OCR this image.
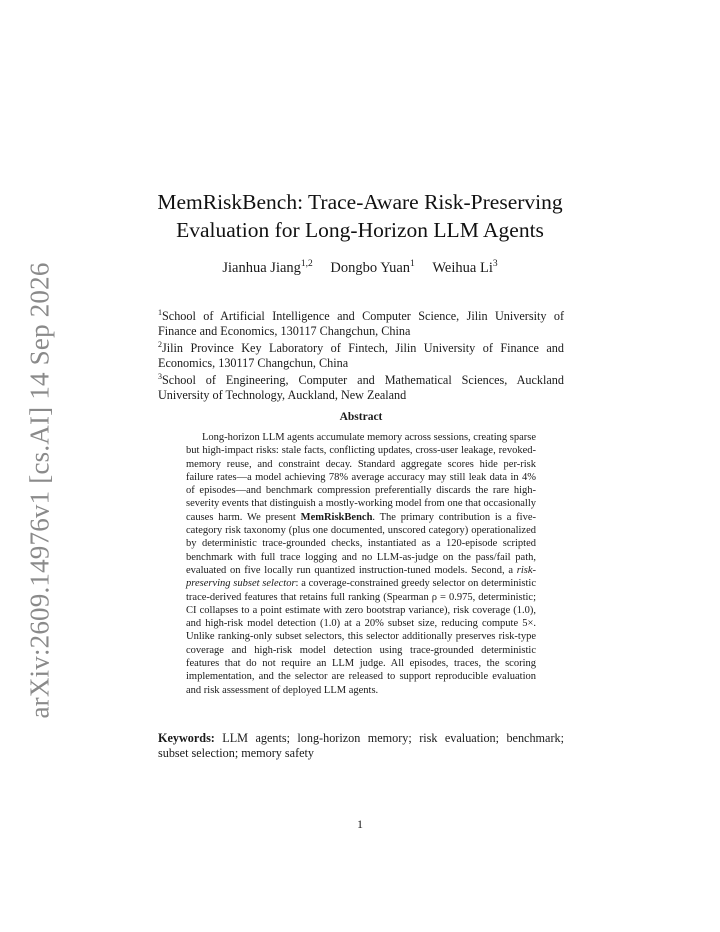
arXiv:2609.14976v1 [cs.AI] 14 Sep 2026
MemRiskBench: Trace-Aware Risk-Preserving
Evaluation for Long-Horizon LLM Agents
Jianhua Jiang$^{1,2}$ Dongbo Yuan$^1$ Weihua Li$^3$

$^1$School of Artificial Intelligence and Computer Science, Jilin University of Finance and Economics, 130117 Changchun, China

$^2$Jilin Province Key Laboratory of Fintech, Jilin University of Finance and Economics, 130117 Changchun, China

$^3$School of Engineering, Computer and Mathematical Sciences, Auckland University of Technology, Auckland, New Zealand

Abstract
Long-horizon LLM agents accumulate memory across sessions, creating sparse but high-impact risks: stale facts, conflicting updates, cross-user leakage, revoked-memory reuse, and constraint decay. Standard aggregate scores hide per-risk failure rates—a model achieving 78% average accuracy may still leak data in 4% of episodes—and benchmark compression preferentially discards the rare high-severity events that distinguish a mostly-working model from one that occasionally causes harm. We present MemRiskBench. The primary contribution is a five-category risk taxonomy (plus one documented, unscored category) operationalized by deterministic trace-grounded checks, instantiated as a 120-episode scripted benchmark with full trace logging and no LLM-as-judge on the pass/fail path, evaluated on five locally run quantized instruction-tuned models. Second, a risk-preserving subset selector: a coverage-constrained greedy selector on deterministic trace-derived features that retains full ranking (Spearman ρ = 0.975, deterministic; CI collapses to a point estimate with zero bootstrap variance), risk coverage (1.0), and high-risk model detection (1.0) at a 20% subset size, reducing compute 5×. Unlike ranking-only subset selectors, this selector additionally preserves risk-type coverage and high-risk model detection using trace-grounded deterministic features that do not require an LLM judge. All episodes, traces, the scoring implementation, and the selector are released to support reproducible evaluation and risk assessment of deployed LLM agents.
Keywords: LLM agents; long-horizon memory; risk evaluation; benchmark; subset selection; memory safety
1
